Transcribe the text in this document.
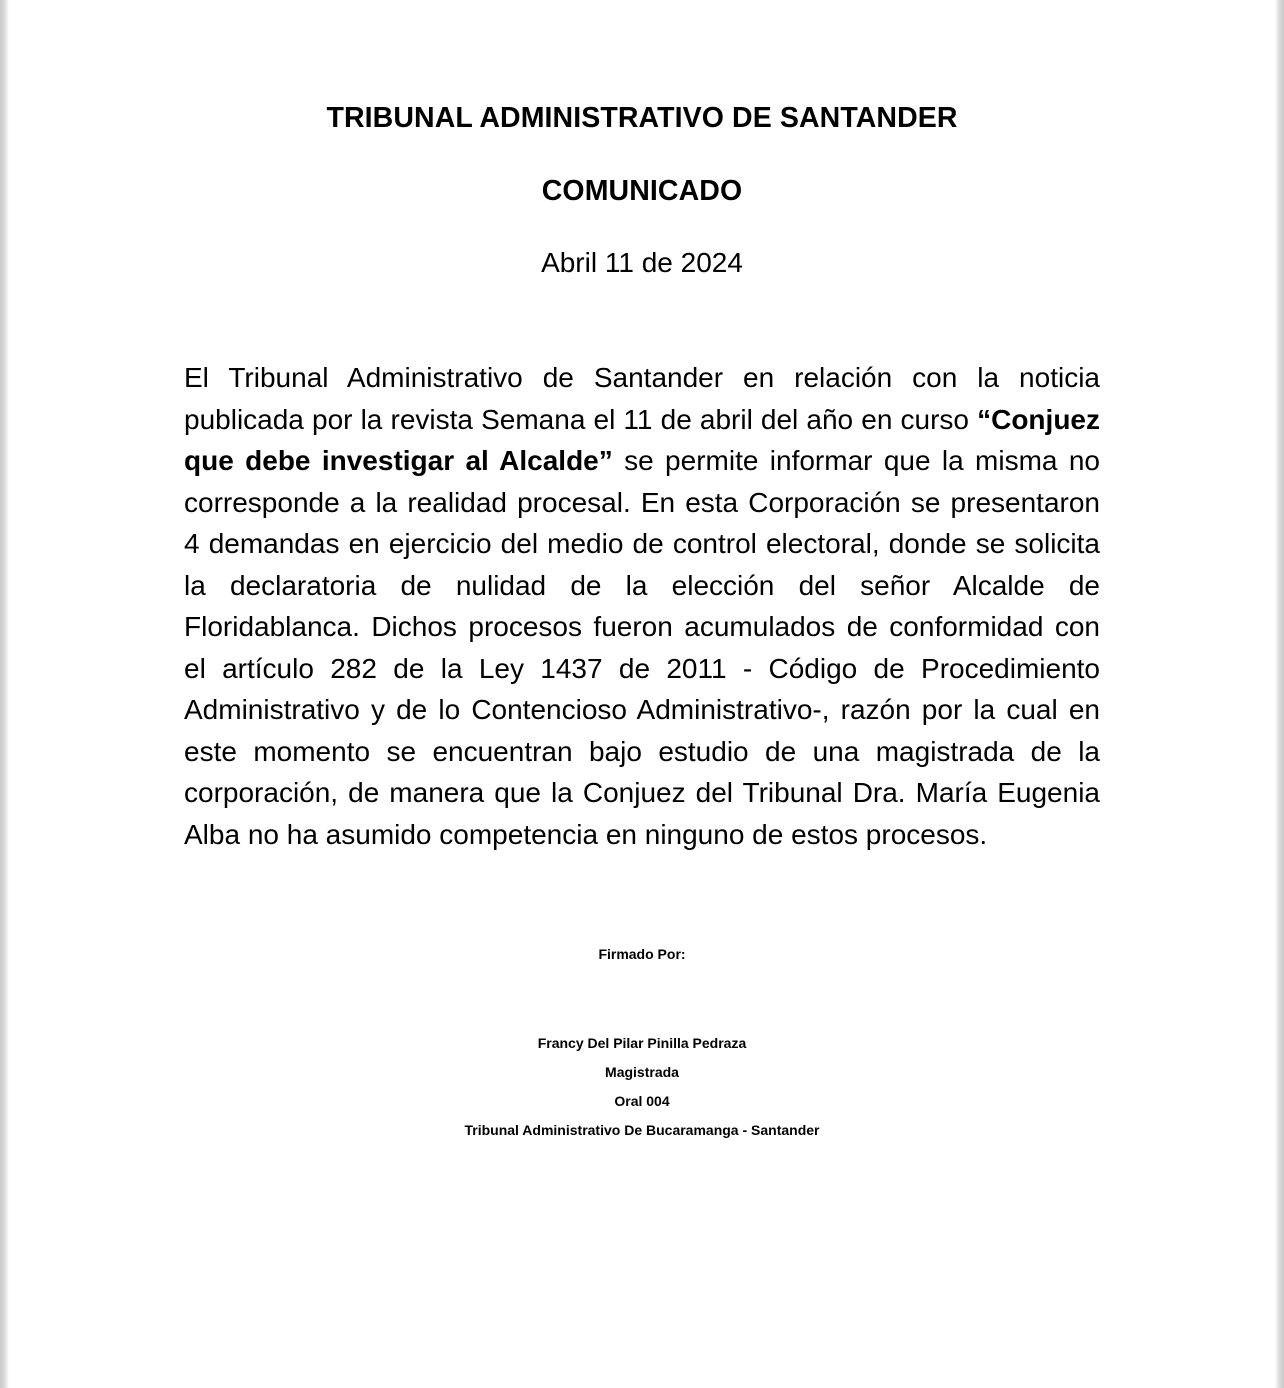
TRIBUNAL ADMINISTRATIVO DE SANTANDER
COMUNICADO

Abril 11 de 2024

El Tribunal Administrativo de Santander en relación con la noticia publicada por la revista Semana el 11 de abril del año en curso “Conjuez que debe investigar al Alcalde” se permite informar que la misma no corresponde a la realidad procesal. En esta Corporación se presentaron 4 demandas en ejercicio del medio de control electoral, donde se solicita la declaratoria de nulidad de la elección del señor Alcalde de Floridablanca. Dichos procesos fueron acumulados de conformidad con el artículo 282 de la Ley 1437 de 2011 - Código de Procedimiento Administrativo y de lo Contencioso Administrativo-, razón por la cual en este momento se encuentran bajo estudio de una magistrada de la corporación, de manera que la Conjuez del Tribunal Dra. María Eugenia Alba no ha asumido competencia en ninguno de estos procesos.

Firmado Por:

Francy Del Pilar Pinilla Pedraza

Magistrada

Oral 004

Tribunal Administrativo De Bucaramanga - Santander
